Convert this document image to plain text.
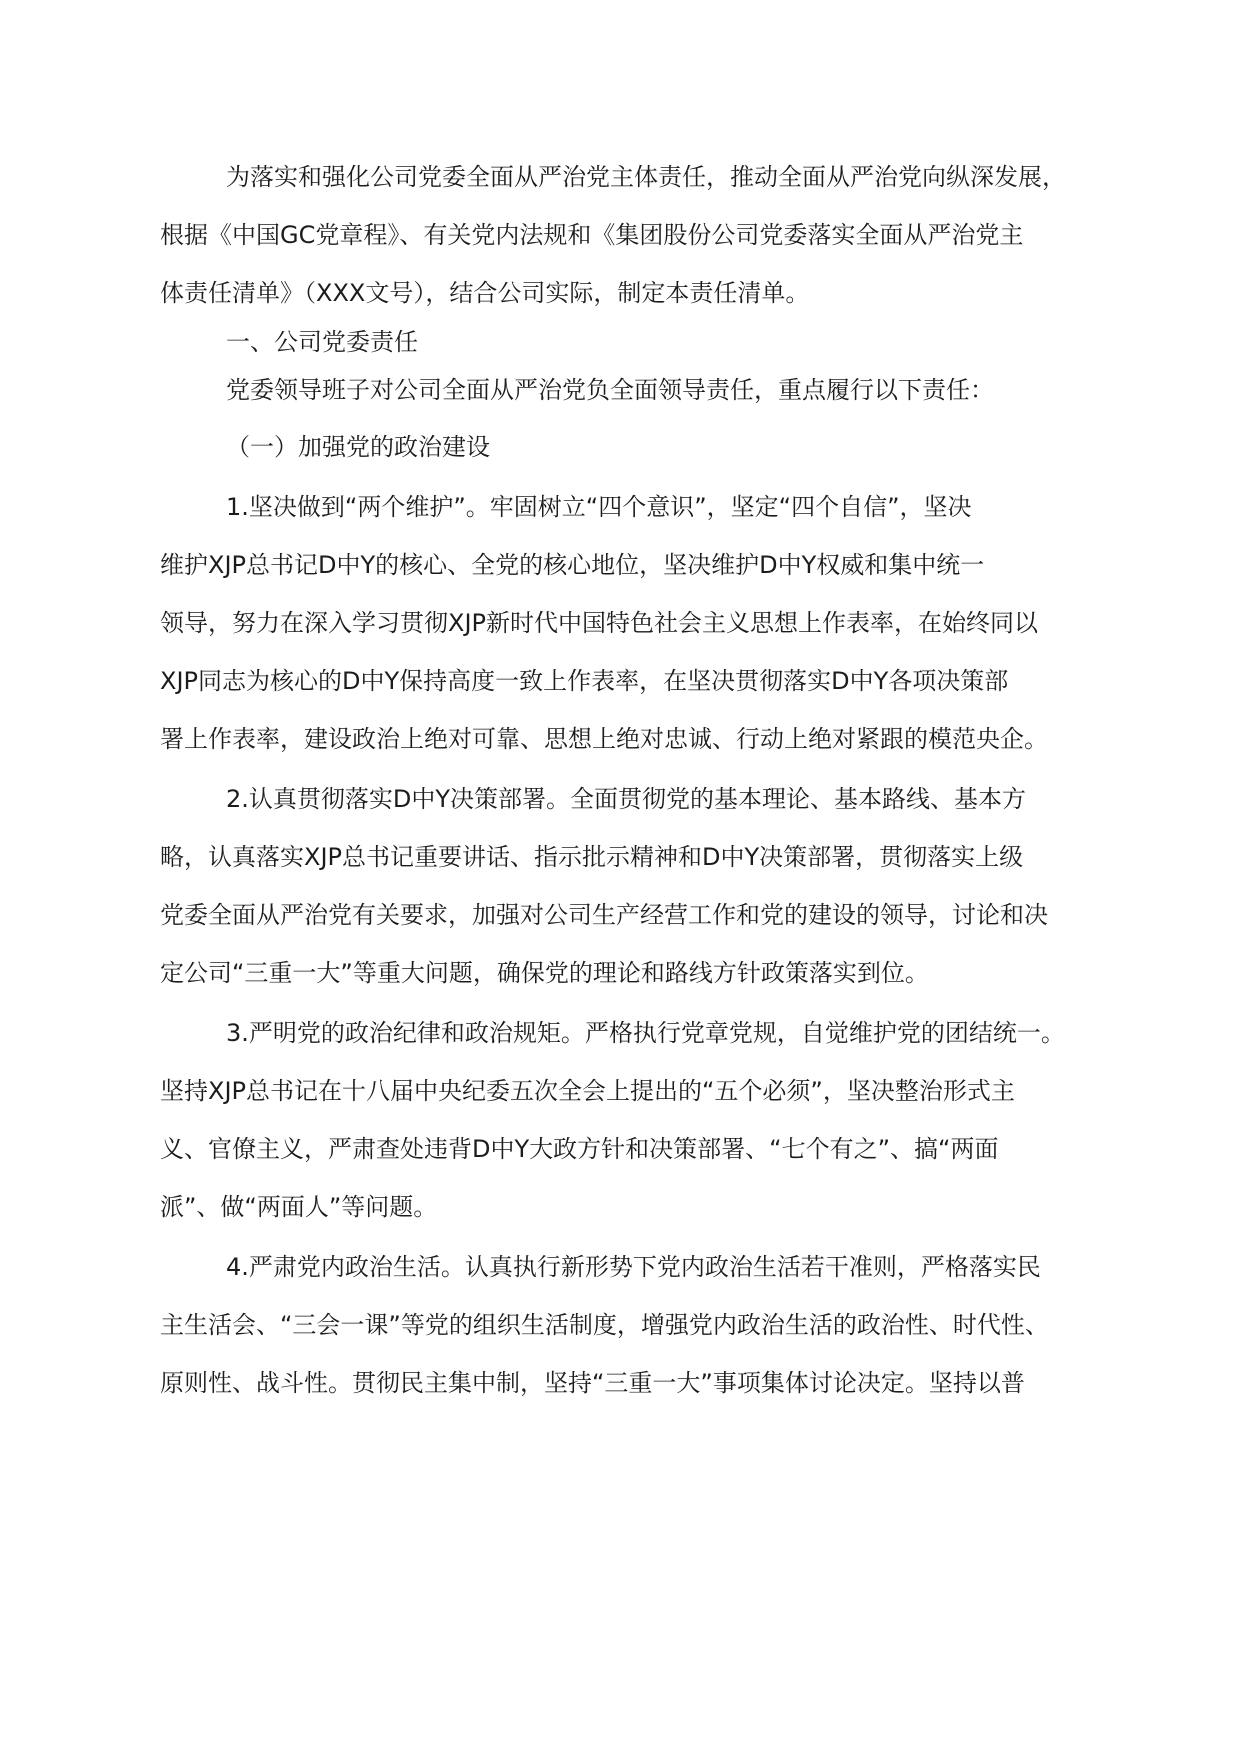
为落实和强化公司党委全面从严治党主体责任，推动全面从严治党向纵深发展，
根据《中国GC党章程》、有关党内法规和《集团股份公司党委落实全面从严治党主
体责任清单》（XXX文号），结合公司实际，制定本责任清单。
一、公司党委责任
党委领导班子对公司全面从严治党负全面领导责任，重点履行以下责任：
（一）加强党的政治建设
1.坚决做到“两个维护”。牢固树立“四个意识”，坚定“四个自信”，坚决
维护XJP总书记D中Y的核心、全党的核心地位，坚决维护D中Y权威和集中统一
领导，努力在深入学习贯彻XJP新时代中国特色社会主义思想上作表率，在始终同以
XJP同志为核心的D中Y保持高度一致上作表率，在坚决贯彻落实D中Y各项决策部
署上作表率，建设政治上绝对可靠、思想上绝对忠诚、行动上绝对紧跟的模范央企。
2.认真贯彻落实D中Y决策部署。全面贯彻党的基本理论、基本路线、基本方
略，认真落实XJP总书记重要讲话、指示批示精神和D中Y决策部署，贯彻落实上级
党委全面从严治党有关要求，加强对公司生产经营工作和党的建设的领导，讨论和决
定公司“三重一大”等重大问题，确保党的理论和路线方针政策落实到位。
3.严明党的政治纪律和政治规矩。严格执行党章党规，自觉维护党的团结统一。
坚持XJP总书记在十八届中央纪委五次全会上提出的“五个必须”，坚决整治形式主
义、官僚主义，严肃查处违背D中Y大政方针和决策部署、“七个有之”、搞“两面
派”、做“两面人”等问题。
4.严肃党内政治生活。认真执行新形势下党内政治生活若干准则，严格落实民
主生活会、“三会一课”等党的组织生活制度，增强党内政治生活的政治性、时代性、
原则性、战斗性。贯彻民主集中制，坚持“三重一大”事项集体讨论决定。坚持以普
